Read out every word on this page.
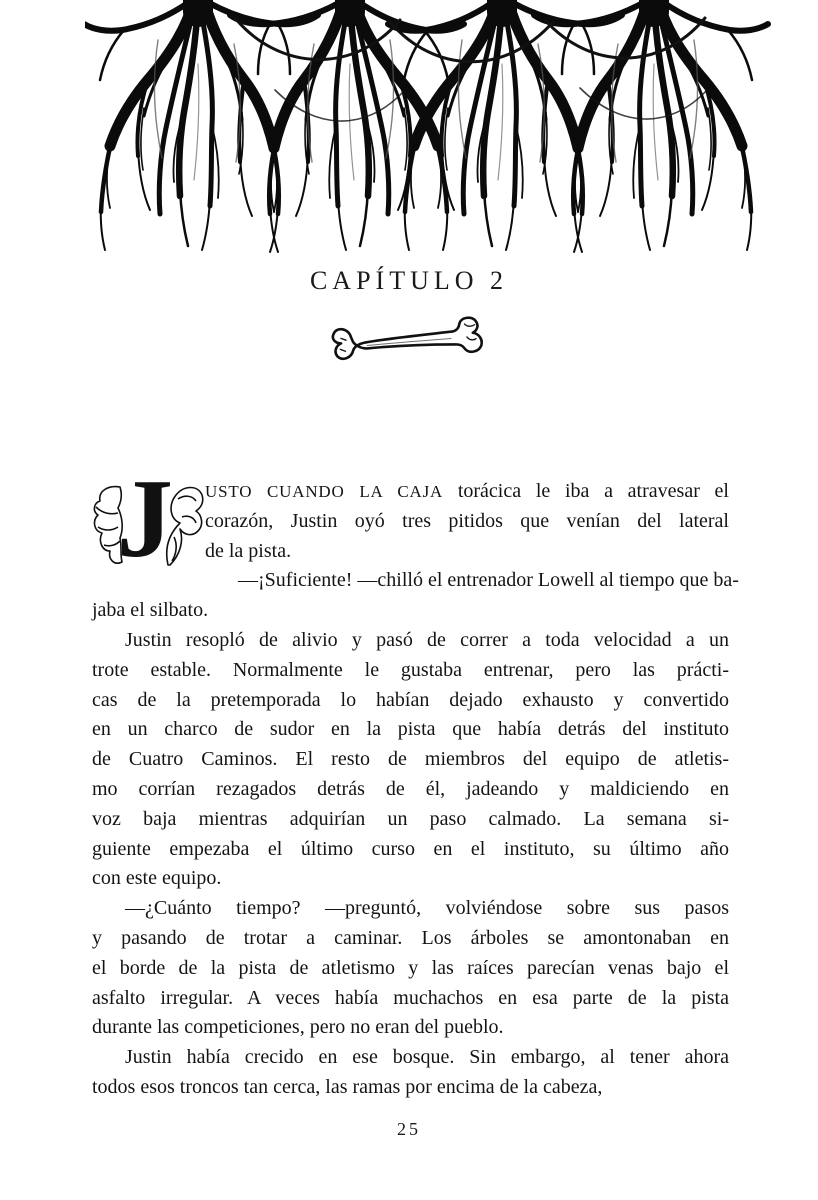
CAPÍTULO 2
J	USTO CUANDO LA CAJA torácica le iba a atravesar el
corazón, Justin oyó tres pitidos que venían del lateral
de la pista.
—¡Suficiente! —chilló el entrenador Lowell al tiempo que ba-
jaba el silbato.
Justin resopló de alivio y pasó de correr a toda velocidad a un
trote estable. Normalmente le gustaba entrenar, pero las prácti-
cas de la pretemporada lo habían dejado exhausto y convertido
en un charco de sudor en la pista que había detrás del instituto
de Cuatro Caminos. El resto de miembros del equipo de atletis-
mo corrían rezagados detrás de él, jadeando y maldiciendo en
voz baja mientras adquirían un paso calmado. La semana si-
guiente empezaba el último curso en el instituto, su último año
con este equipo.
—¿Cuánto tiempo? —preguntó, volviéndose sobre sus pasos
y pasando de trotar a caminar. Los árboles se amontonaban en
el borde de la pista de atletismo y las raíces parecían venas bajo el
asfalto irregular. A veces había muchachos en esa parte de la pista
durante las competiciones, pero no eran del pueblo.
Justin había crecido en ese bosque. Sin embargo, al tener ahora
todos esos troncos tan cerca, las ramas por encima de la cabeza,
25
